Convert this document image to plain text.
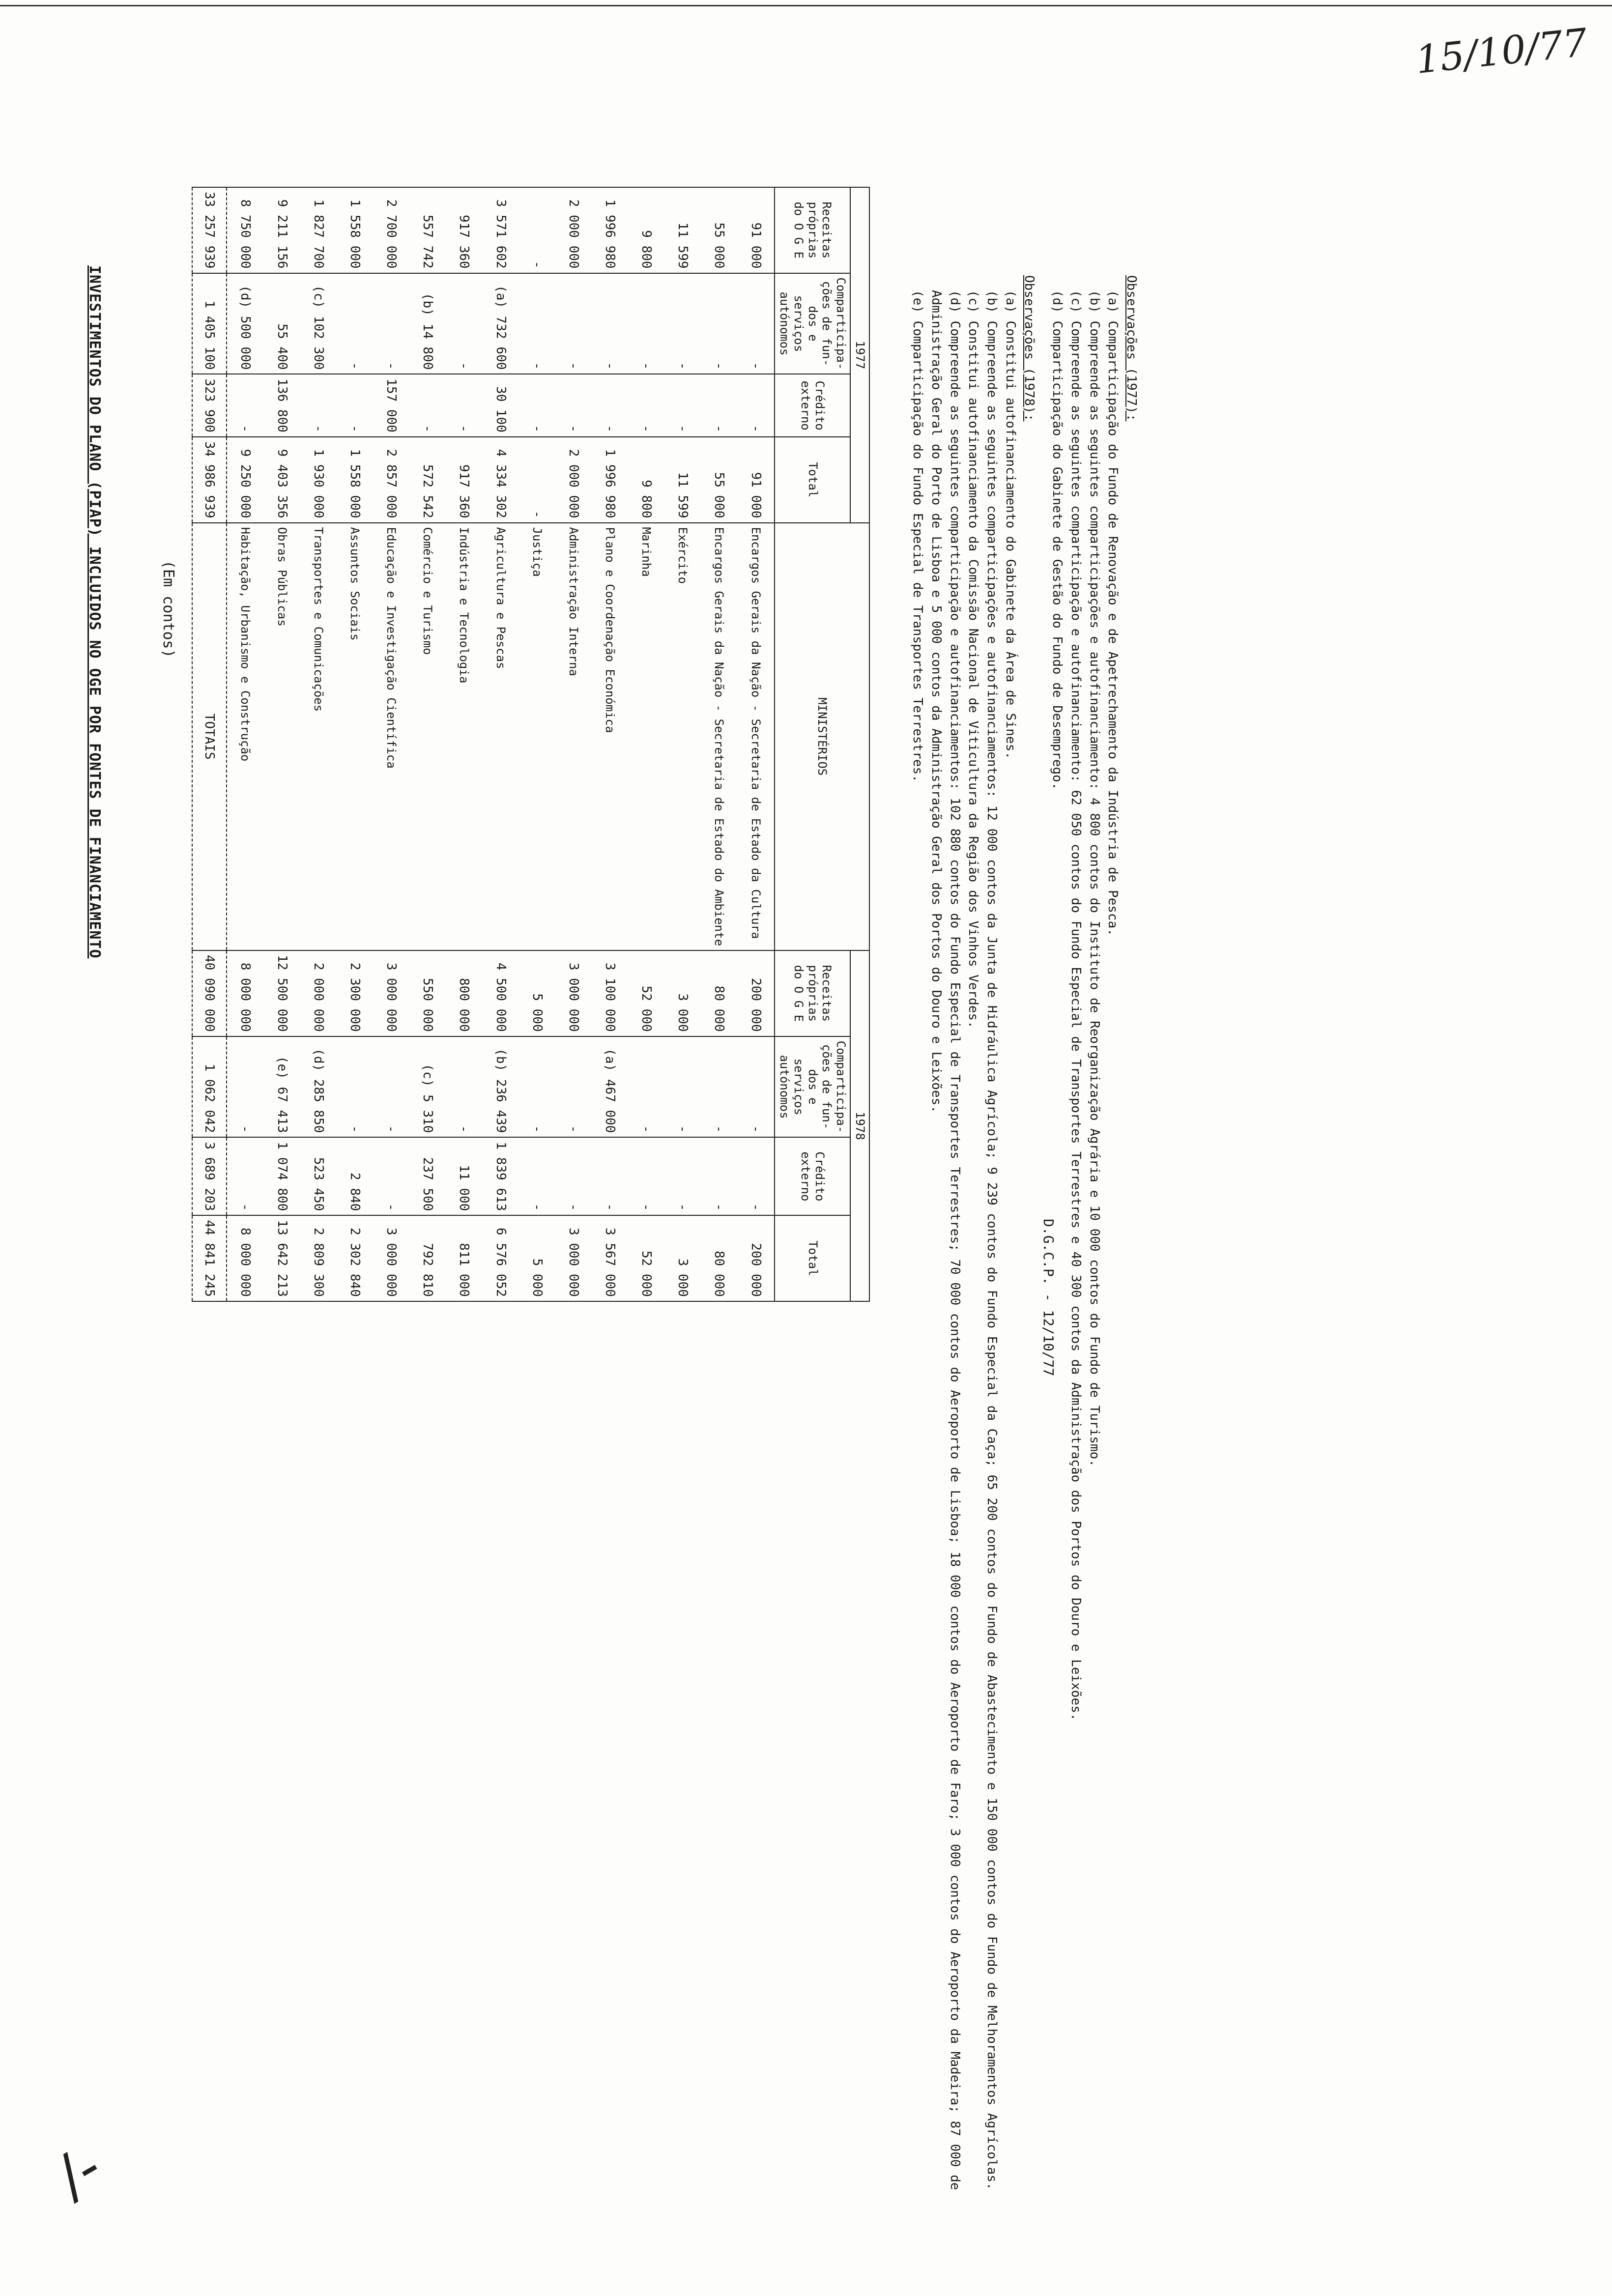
15/10/77
/-
INVESTIMENTOS DO PLANO (PIAP) INCLUIDOS NO OGE POR FONTES DE FINANCIAMENTO	(Em contos)
1977				MINISTÉRIOS	1978			
Receitas próprias do O G E	Comparticipa- ções de fun- dos e serviços autónomos	Crédito externo	Total		Receitas próprias do O G E	Comparticipa- ções de fun- dos e serviços autónomos	Crédito externo	Total
91 000	-	-	91 000	Encargos Gerais da Nação - Secretaria de Estado da Cultura	200 000	-	-	200 000
55 000	-	-	55 000	Encargos Gerais da Nação - Secretaria de Estado do Ambiente	80 000	-	-	80 000
11 599	-	-	11 599	Exército	3 000	-	-	3 000
9 800	-	-	9 800	Marinha	52 000	-	-	52 000
1 996 980	-	-	1 996 980	Plano e Coordenação Económica	3 100 000	(a) 467 000	-	3 567 000
2 000 000	-	-	2 000 000	Administração Interna	3 000 000	-	-	3 000 000
-	-	-	-	Justiça	5 000	-	-	5 000
3 571 602	(a) 732 600	30 100	4 334 302	Agricultura e Pescas	4 500 000	(b) 236 439	1 839 613	6 576 052
917 360	-	-	917 360	Indústria e Tecnologia	800 000	-	11 000	811 000
557 742	(b) 14 800	-	572 542	Comércio e Turismo	550 000	(c) 5 310	237 500	792 810
2 700 000	-	157 000	2 857 000	Educação e Investigação Científica	3 000 000	-	-	3 000 000
1 558 000	-	-	1 558 000	Assuntos Sociais	2 300 000	-	2 840	2 302 840
1 827 700	(c) 102 300	-	1 930 000	Transportes e Comunicações	2 000 000	(d) 285 850	523 450	2 809 300
9 211 156	55 400	136 800	9 403 356	Obras Públicas	12 500 000	(e) 67 413	1 074 800	13 642 213
8 750 000	(d) 500 000	-	9 250 000	Habitação, Urbanismo e Construção	8 000 000	-	-	8 000 000
33 257 939	1 405 100	323 900	34 986 939	TOTAIS	40 090 000	1 062 042	3 689 203	44 841 245
Observações (1977):
(a) Comparticipação do Fundo de Renovação e de Apetrechamento da Indústria de Pesca.
(b) Compreende as seguintes comparticipações e autofinanciamento: 4 800 contos do Instituto de Reorganização Agrária e 10 000 contos do Fundo de Turismo.
(c) Compreende as seguintes comparticipação e autofinanciamento: 62 050 contos do Fundo Especial de Transportes Terrestres e 40 300 contos da Administração dos Portos do Douro e Leixões.
(d) Comparticipação do Gabinete de Gestão do Fundo de Desemprego.
Observações (1978):
(a) Constitui autofinanciamento do Gabinete da Área de Sines.
(b) Compreende as seguintes comparticipações e autofinanciamentos: 12 000 contos da Junta de Hidráulica Agrícola; 9 239 contos do Fundo Especial da Caça; 65 200 contos do Fundo de Abastecimento e 150 000 contos do Fundo de Melhoramentos Agrícolas.
(c) Constitui autofinanciamento da Comissão Nacional de Viticultura da Região dos Vinhos Verdes.
(d) Compreende as seguintes comparticipação e autofinanciamentos: 102 880 contos do Fundo Especial de Transportes Terrestres; 70 000 contos do Aeroporto de Lisboa; 18 000 contos do Aeroporto de Faro; 3 000 contos do Aeroporto da Madeira; 87 000 de Administração Geral do Porto de Lisboa e 5 000 contos da Administração Geral dos Portos do Douro e Leixões.
(e) Comparticipação do Fundo Especial de Transportes Terrestres.
D.G.C.P. - 12/10/77
